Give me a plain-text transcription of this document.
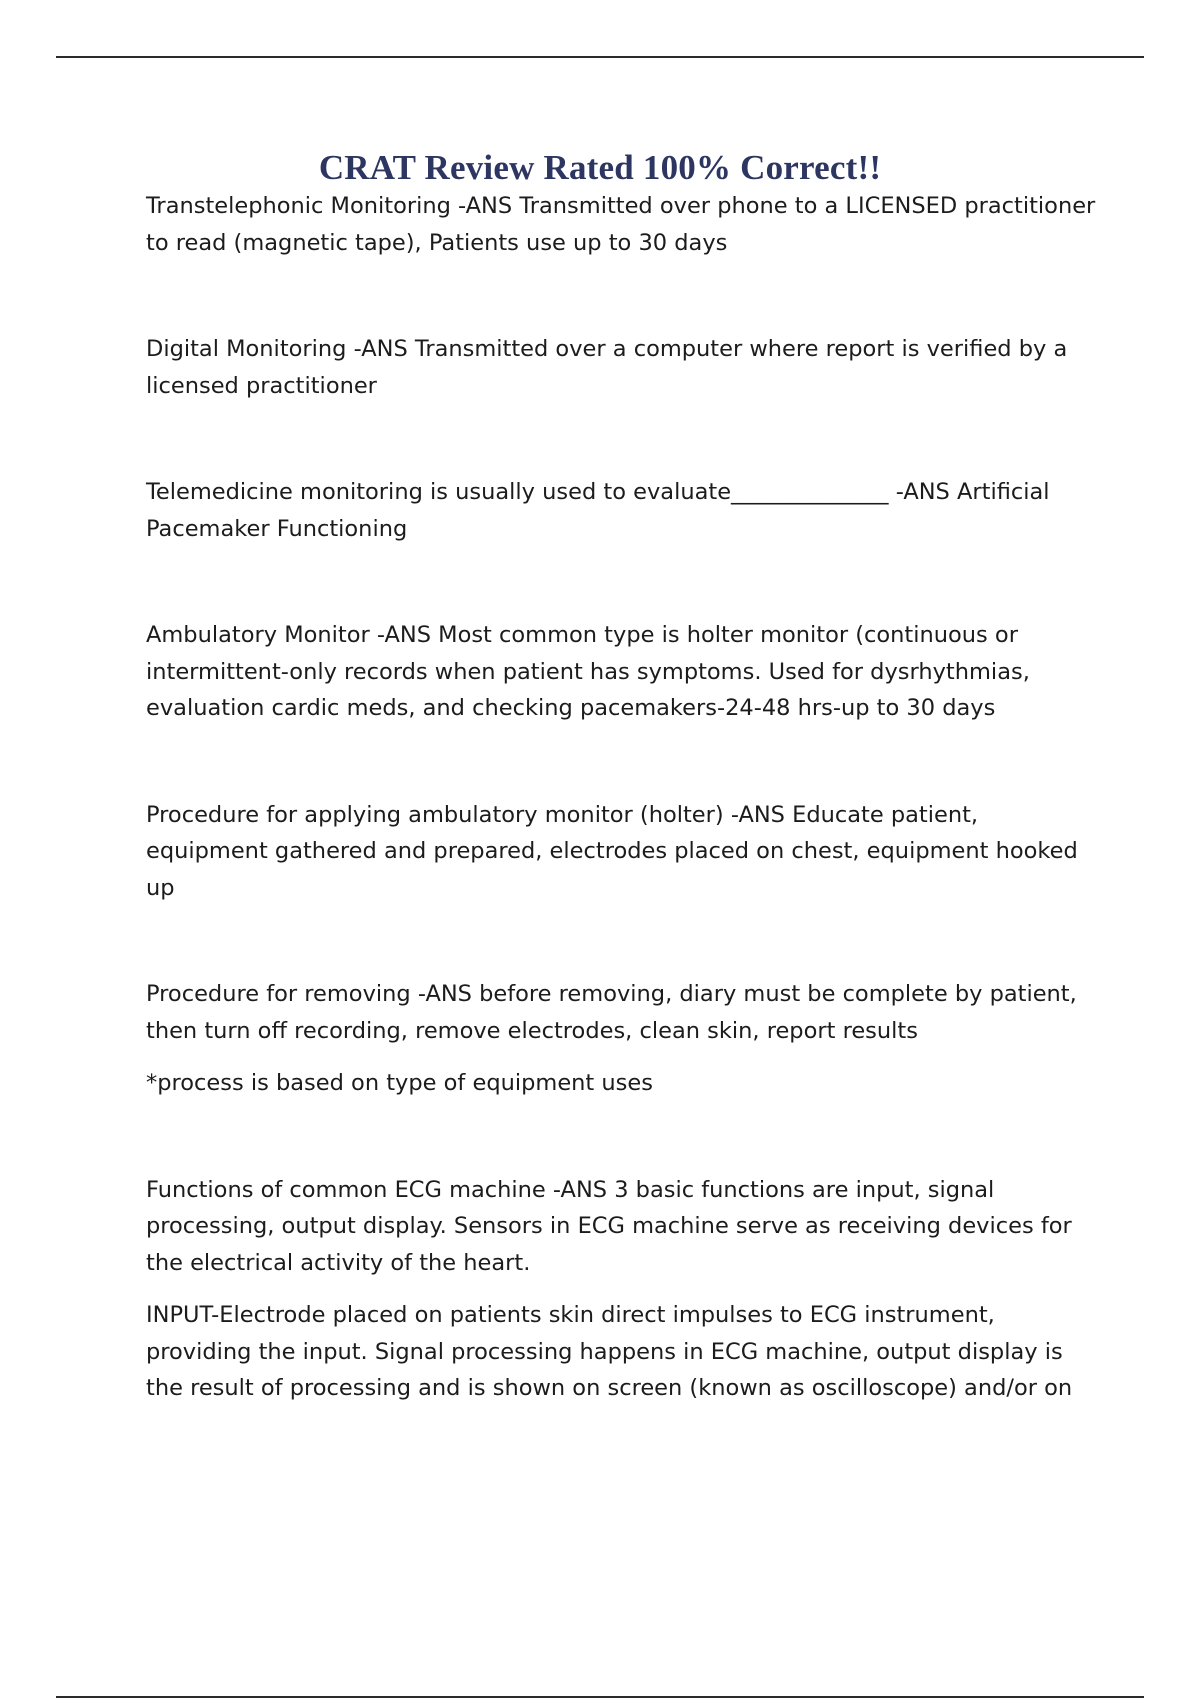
CRAT Review Rated 100% Correct!!

Transtelephonic Monitoring -ANS Transmitted over phone to a LICENSED practitioner to read (magnetic tape), Patients use up to 30 days

Digital Monitoring -ANS Transmitted over a computer where report is verified by a licensed practitioner

Telemedicine monitoring is usually used to evaluate______________ -ANS Artificial Pacemaker Functioning

Ambulatory Monitor -ANS Most common type is holter monitor (continuous or intermittent-only records when patient has symptoms. Used for dysrhythmias, evaluation cardic meds, and checking pacemakers-24-48 hrs-up to 30 days

Procedure for applying ambulatory monitor (holter) -ANS Educate patient, equipment gathered and prepared, electrodes placed on chest, equipment hooked up

Procedure for removing -ANS before removing, diary must be complete by patient, then turn off recording, remove electrodes, clean skin, report results

*process is based on type of equipment uses

Functions of common ECG machine -ANS 3 basic functions are input, signal processing, output display. Sensors in ECG machine serve as receiving devices for the electrical activity of the heart.

INPUT-Electrode placed on patients skin direct impulses to ECG instrument, providing the input. Signal processing happens in ECG machine, output display is the result of processing and is shown on screen (known as oscilloscope) and/or on
